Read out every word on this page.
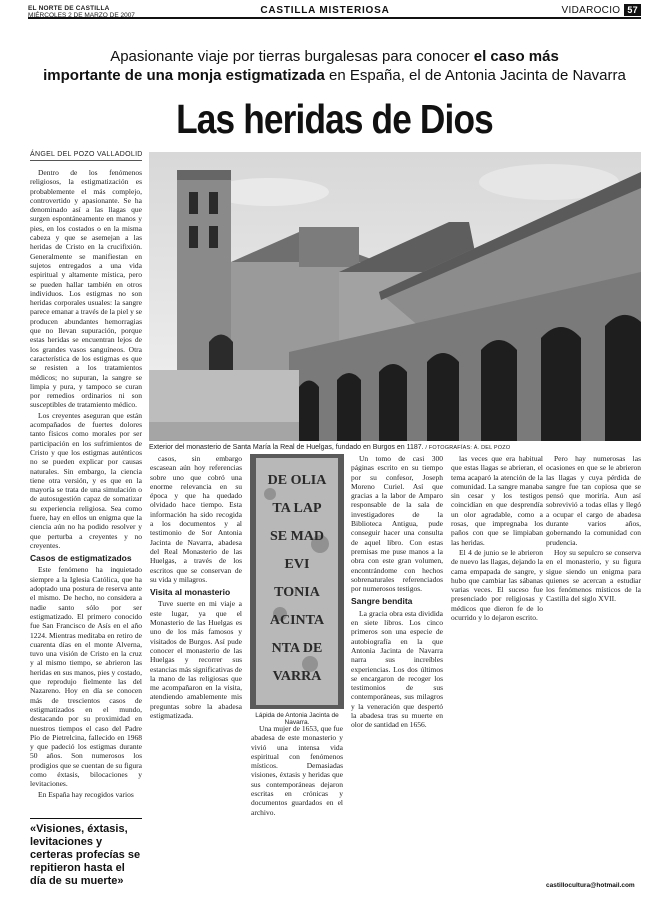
EL NORTE DE CASTILLA
MIÉRCOLES 2 DE MARZO DE 2007	CASTILLA MISTERIOSA	VIDAROCIO 57
Apasionante viaje por tierras burgalesas para conocer el caso más
importante de una monja estigmatizada en España, el de Antonia Jacinta de Navarra
Las heridas de Dios
ÁNGEL DEL POZO VALLADOLID

Dentro de los fenómenos religiosos, la estigmatización es probablemente el más complejo, controvertido y apasionante. Se ha denominado así a las llagas que surgen espontáneamente en manos y pies, en los costados o en la misma cabeza y que se asemejan a las heridas de Cristo en la crucifixión. Generalmente se manifiestan en sujetos entregados a una vida espiritual y altamente mística, pero se pueden hallar también en otros individuos. Los estigmas no son heridas corporales usuales: la sangre parece emanar a través de la piel y se producen abundantes hemorragias que no llevan supuración, porque estas heridas se encuentran lejos de los grandes vasos sanguíneos. Otra característica de los estigmas es que se resisten a los tratamientos médicos; no supuran, la sangre se limpia y pura, y tampoco se curan por remedios ordinarios ni son susceptibles de tratamiento médico.

Los creyentes aseguran que están acompañados de fuertes dolores tanto físicos como morales por ser participación en los sufrimientos de Cristo y que los estigmas auténticos no se pueden explicar por causas naturales. Sin embargo, la ciencia tiene otra versión, y es que en la mayoría se trata de una simulación o de autosugestión capaz de somatizar su experiencia religiosa. Sea como fuere, hay en ellos un enigma que la ciencia aún no ha podido resolver y que perturba a creyentes y no creyentes.

Casos de estigmatizados

Este fenómeno ha inquietado siempre a la Iglesia Católica, que ha adoptado una postura de reserva ante el mismo. De hecho, no considera a nadie santo sólo por ser estigmatizado. El primero conocido fue San Francisco de Asís en el año 1224. Mientras meditaba en retiro de cuarenta días en el monte Alverna, tuvo una visión de Cristo en la cruz y al mismo tiempo, se abrieron las heridas en sus manos, pies y costado, que reprodujo fielmente las del Nazareno. Hoy en día se conocen más de trescientos casos de estigmatizados en el mundo, destacando por su proximidad en nuestros tiempos el caso del Padre Pío de Pietrelcina, fallecido en 1968 y que padeció los estigmas durante 50 años. Son numerosos los prodigios que se cuentan de su figura como éxtasis, bilocaciones y levitaciones.

En España hay recogidos varios

Exterior del monasterio de Santa María la Real de Huelgas, fundado en Burgos en 1187. / FOTOGRAFÍAS: Á. DEL POZO

casos, sin embargo escasean aún hoy referencias sobre uno que cobró una enorme relevancia en su época y que ha quedado olvidado hace tiempo. Esta información ha sido recogida a los documentos y al testimonio de Sor Antonia Jacinta de Navarra, abadesa del Real Monasterio de las Huelgas, a través de los escritos que se conservan de su vida y milagros.

Visita al monasterio

Tuve suerte en mi viaje a este lugar, ya que el Monasterio de las Huelgas es uno de los más famosos y visitados de Burgos. Así pude conocer el monasterio de las Huelgas y recorrer sus estancias más significativas de la mano de las religiosas que me acompañaron en la visita, atendiendo amablemente mis preguntas sobre la abadesa estigmatizada.

DE OLIA
TA LAP
SE MAD
EVI
TONIA
ACINTA
NTA DE
VARRA
Lápida de Antonia Jacinta de Navarra.

Una mujer de 1653, que fue abadesa de este monasterio y vivió una intensa vida espiritual con fenómenos místicos. Demasiadas visiones, éxtasis y heridas que sus contemporáneas dejaron escritas en crónicas y documentos guardados en el archivo.

Un tomo de casi 300 páginas escrito en su tiempo por su confesor, Joseph Moreno Curiel. Así que gracias a la labor de Amparo responsable de la sala de investigadores de la Biblioteca Antigua, pude conseguir hacer una consulta de aquel libro. Con estas premisas me puse manos a la obra con este gran volumen, encontrándome con hechos sobrenaturales referenciados por numerosos testigos.

Sangre bendita

La gracia obra esta divididа en siete libros. Los cinco primeros son una especie de autobiografía en la que Antonia Jacinta de Navarra narra sus increíbles experiencias. Los dos últimos se encargaron de recoger los testimonios de sus contemporáneas, sus milagros y la veneración que despertó la abadesa tras su muerte en olor de santidad en 1656.

las veces que era habitual que estas llagas se abrieran, el tema acaparó la atención de la comunidad. La sangre manaba sin cesar y los testigos coincidían en que desprendía un olor agradable, como a rosas, que impregnaba los paños con que se limpiaban las heridas.

El 4 de junio se le abrieron de nuevo las llagas, dejando la cama empapada de sangre, y hubo que cambiar las sábanas varias veces. El suceso fue presenciado por religiosas y médicos que dieron fe de lo ocurrido y lo dejaron escrito.

Pero hay numerosas las ocasiones en que se le abrieron las llagas y cuya pérdida de sangre fue tan copiosa que se pensó que moriría. Aun así sobrevivió a todas ellas y llegó a ocupar el cargo de abadesa durante varios años, gobernando la comunidad con prudencia.

Hoy su sepulcro se conserva en el monasterio, y su figura sigue siendo un enigma para quienes se acercan a estudiar los fenómenos místicos de la Castilla del siglo XVII.

«Visiones, éxtasis, levitaciones y certeras profecías se repitieron hasta el día de su muerte»	castillocultura@hotmail.com
